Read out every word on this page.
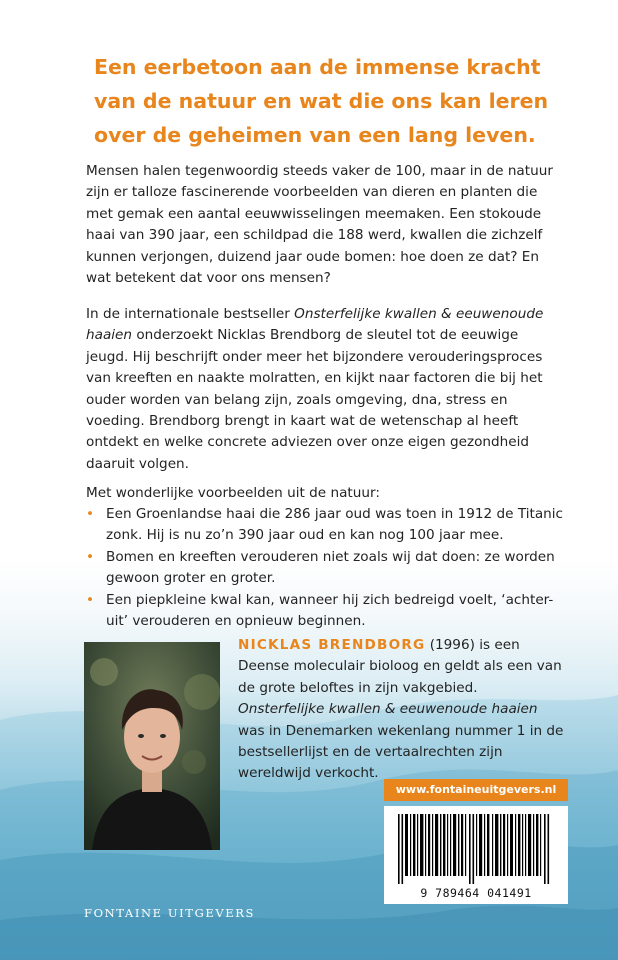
Een eerbetoon aan de immense kracht van de natuur en wat die ons kan leren over de geheimen van een lang leven.

Mensen halen tegenwoordig steeds vaker de 100, maar in de natuur zijn er talloze fascinerende voorbeelden van dieren en planten die met gemak een aantal eeuwwisselingen meemaken. Een stokoude haai van 390 jaar, een schildpad die 188 werd, kwallen die zichzelf kunnen verjongen, duizend jaar oude bomen: hoe doen ze dat? En wat betekent dat voor ons mensen?

In de internationale bestseller Onsterfelijke kwallen & eeuwenoude haaien onderzoekt Nicklas Brendborg de sleutel tot de eeuwige jeugd. Hij beschrijft onder meer het bijzondere verouderingsproces van kreeften en naakte molratten, en kijkt naar factoren die bij het ouder worden van belang zijn, zoals omgeving, dna, stress en voeding. Brendborg brengt in kaart wat de wetenschap al heeft ontdekt en welke concrete adviezen over onze eigen gezondheid daaruit volgen.

Met wonderlijke voorbeelden uit de natuur:

• Een Groenlandse haai die 286 jaar oud was toen in 1912 de Titanic zonk. Hij is nu zo’n 390 jaar oud en kan nog 100 jaar mee.
• Bomen en kreeften verouderen niet zoals wij dat doen: ze worden gewoon groter en groter.
• Een piepkleine kwal kan, wanneer hij zich bedreigd voelt, ‘achter-uit’ verouderen en opnieuw beginnen.

NICKLAS BRENDBORG (1996) is een Deense moleculair bioloog en geldt als een van de grote beloftes in zijn vakgebied. Onsterfelijke kwallen & eeuwenoude haaien was in Denemarken wekenlang nummer 1 in de bestsellerlijst en de vertaalrechten zijn wereldwijd verkocht.

www.fontaineuitgevers.nl
9 789464 041491
FONTAINE UITGEVERS
